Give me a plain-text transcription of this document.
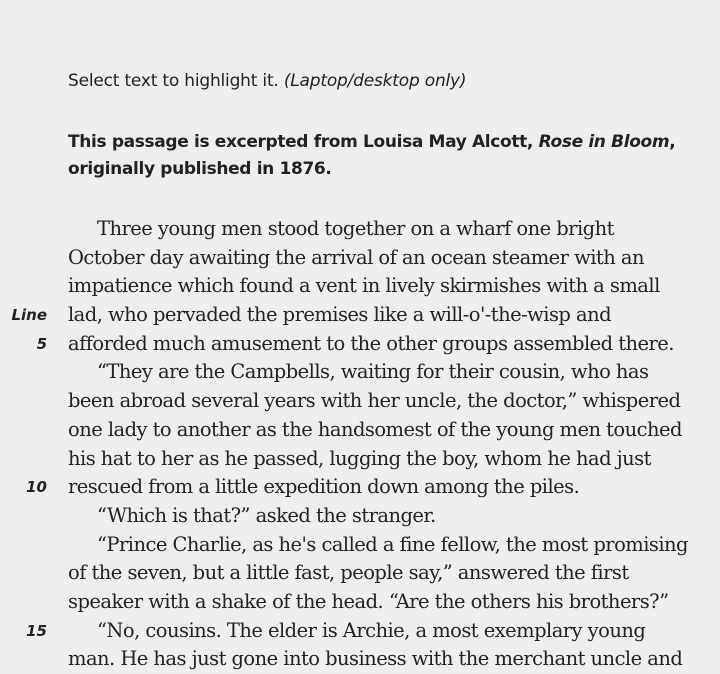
Select text to highlight it. (Laptop/desktop only)
This passage is excerpted from Louisa May Alcott, Rose in Bloom, originally published in 1876.
Three young men stood together on a wharf one bright
October day awaiting the arrival of an ocean steamer with an
impatience which found a vent in lively skirmishes with a small
Line lad, who pervaded the premises like a will-o'-the-wisp and
5 afforded much amusement to the other groups assembled there.
“They are the Campbells, waiting for their cousin, who has
been abroad several years with her uncle, the doctor,” whispered
one lady to another as the handsomest of the young men touched
his hat to her as he passed, lugging the boy, whom he had just
10 rescued from a little expedition down among the piles.
“Which is that?” asked the stranger.
“Prince Charlie, as he's called a fine fellow, the most promising
of the seven, but a little fast, people say,” answered the first
speaker with a shake of the head. “Are the others his brothers?”
15	“No, cousins. The elder is Archie, a most exemplary young
man. He has just gone into business with the merchant uncle and
